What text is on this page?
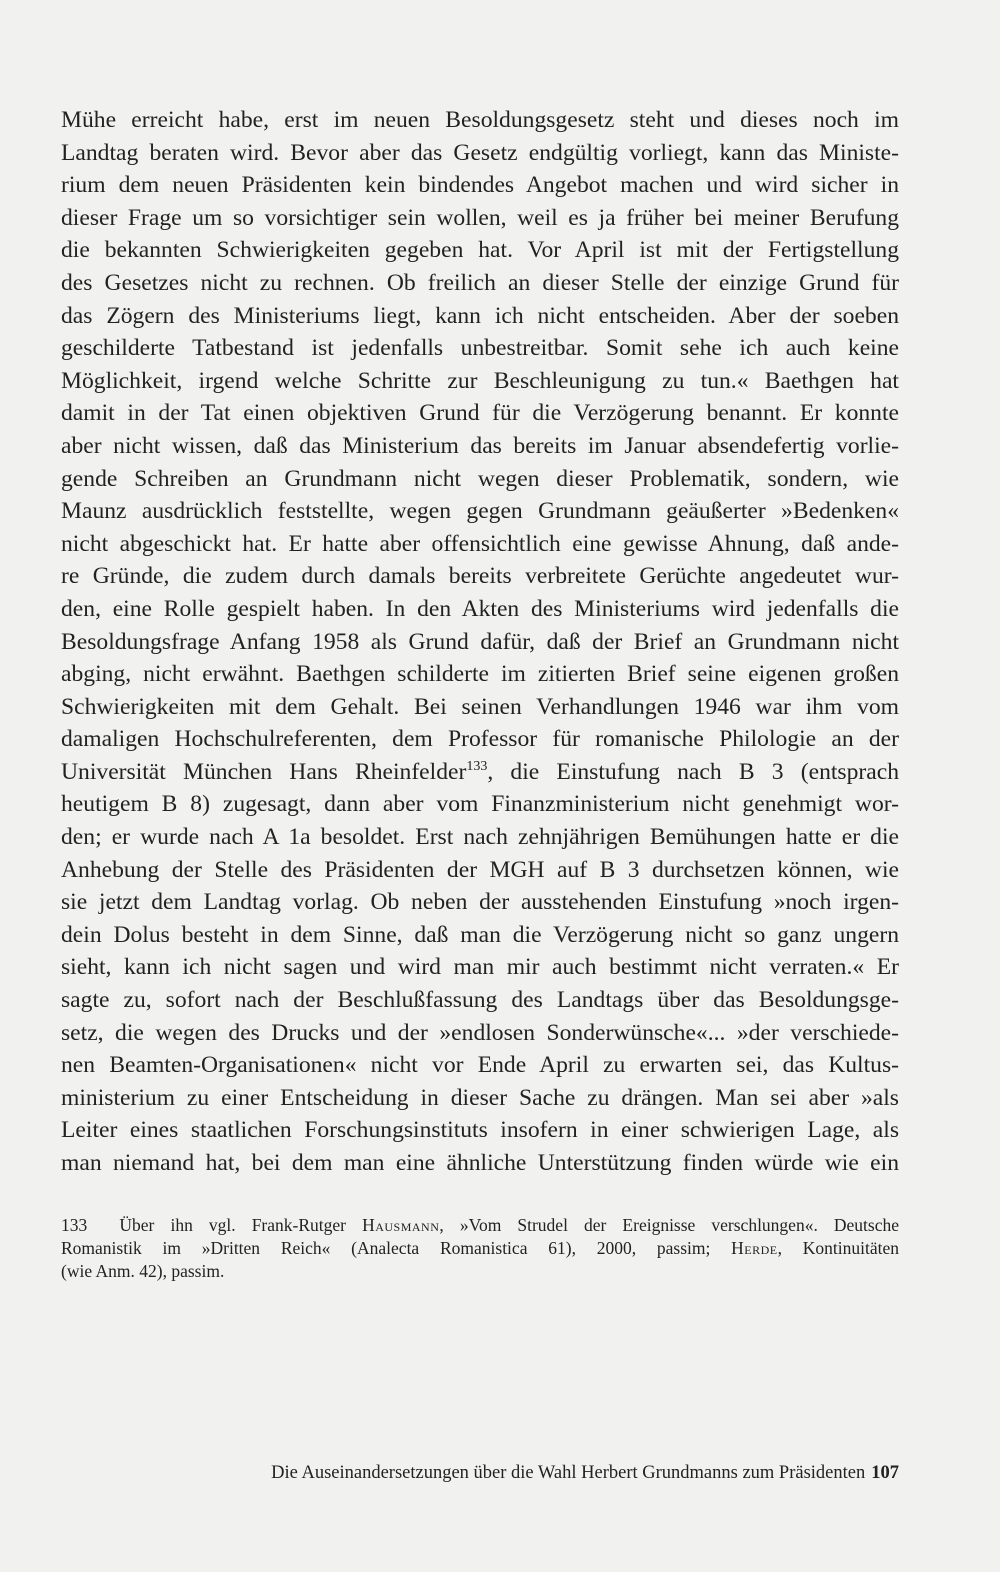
Mühe erreicht habe, erst im neuen Besoldungsgesetz steht und dieses noch im
Landtag beraten wird. Bevor aber das Gesetz endgültig vorliegt, kann das Ministe-
rium dem neuen Präsidenten kein bindendes Angebot machen und wird sicher in
dieser Frage um so vorsichtiger sein wollen, weil es ja früher bei meiner Berufung
die bekannten Schwierigkeiten gegeben hat. Vor April ist mit der Fertigstellung
des Gesetzes nicht zu rechnen. Ob freilich an dieser Stelle der einzige Grund für
das Zögern des Ministeriums liegt, kann ich nicht entscheiden. Aber der soeben
geschilderte Tatbestand ist jedenfalls unbestreitbar. Somit sehe ich auch keine
Möglichkeit, irgend welche Schritte zur Beschleunigung zu tun.« Baethgen hat
damit in der Tat einen objektiven Grund für die Verzögerung benannt. Er konnte
aber nicht wissen, daß das Ministerium das bereits im Januar absendefertig vorlie-
gende Schreiben an Grundmann nicht wegen dieser Problematik, sondern, wie
Maunz ausdrücklich feststellte, wegen gegen Grundmann geäußerter »Bedenken«
nicht abgeschickt hat. Er hatte aber offensichtlich eine gewisse Ahnung, daß ande-
re Gründe, die zudem durch damals bereits verbreitete Gerüchte angedeutet wur-
den, eine Rolle gespielt haben. In den Akten des Ministeriums wird jedenfalls die
Besoldungsfrage Anfang 1958 als Grund dafür, daß der Brief an Grundmann nicht
abging, nicht erwähnt. Baethgen schilderte im zitierten Brief seine eigenen großen
Schwierigkeiten mit dem Gehalt. Bei seinen Verhandlungen 1946 war ihm vom
damaligen Hochschulreferenten, dem Professor für romanische Philologie an der
Universität München Hans Rheinfelder$^{133}$, die Einstufung nach B 3 (entsprach
heutigem B 8) zugesagt, dann aber vom Finanzministerium nicht genehmigt wor-
den; er wurde nach A 1a besoldet. Erst nach zehnjährigen Bemühungen hatte er die
Anhebung der Stelle des Präsidenten der MGH auf B 3 durchsetzen können, wie
sie jetzt dem Landtag vorlag. Ob neben der ausstehenden Einstufung »noch irgen-
dein Dolus besteht in dem Sinne, daß man die Verzögerung nicht so ganz ungern
sieht, kann ich nicht sagen und wird man mir auch bestimmt nicht verraten.« Er
sagte zu, sofort nach der Beschlußfassung des Landtags über das Besoldungsge-
setz, die wegen des Drucks und der »endlosen Sonderwünsche«... »der verschiede-
nen Beamten-Organisationen« nicht vor Ende April zu erwarten sei, das Kultus-
ministerium zu einer Entscheidung in dieser Sache zu drängen. Man sei aber »als
Leiter eines staatlichen Forschungsinstituts insofern in einer schwierigen Lage, als
man niemand hat, bei dem man eine ähnliche Unterstützung finden würde wie ein
133 Über ihn vgl. Frank-Rutger Hausmann, »Vom Strudel der Ereignisse verschlungen«. Deutsche
Romanistik im »Dritten Reich« (Analecta Romanistica 61), 2000, passim; Herde, Kontinuitäten
(wie Anm. 42), passim.
Die Auseinandersetzungen über die Wahl Herbert Grundmanns zum Präsidenten 107
